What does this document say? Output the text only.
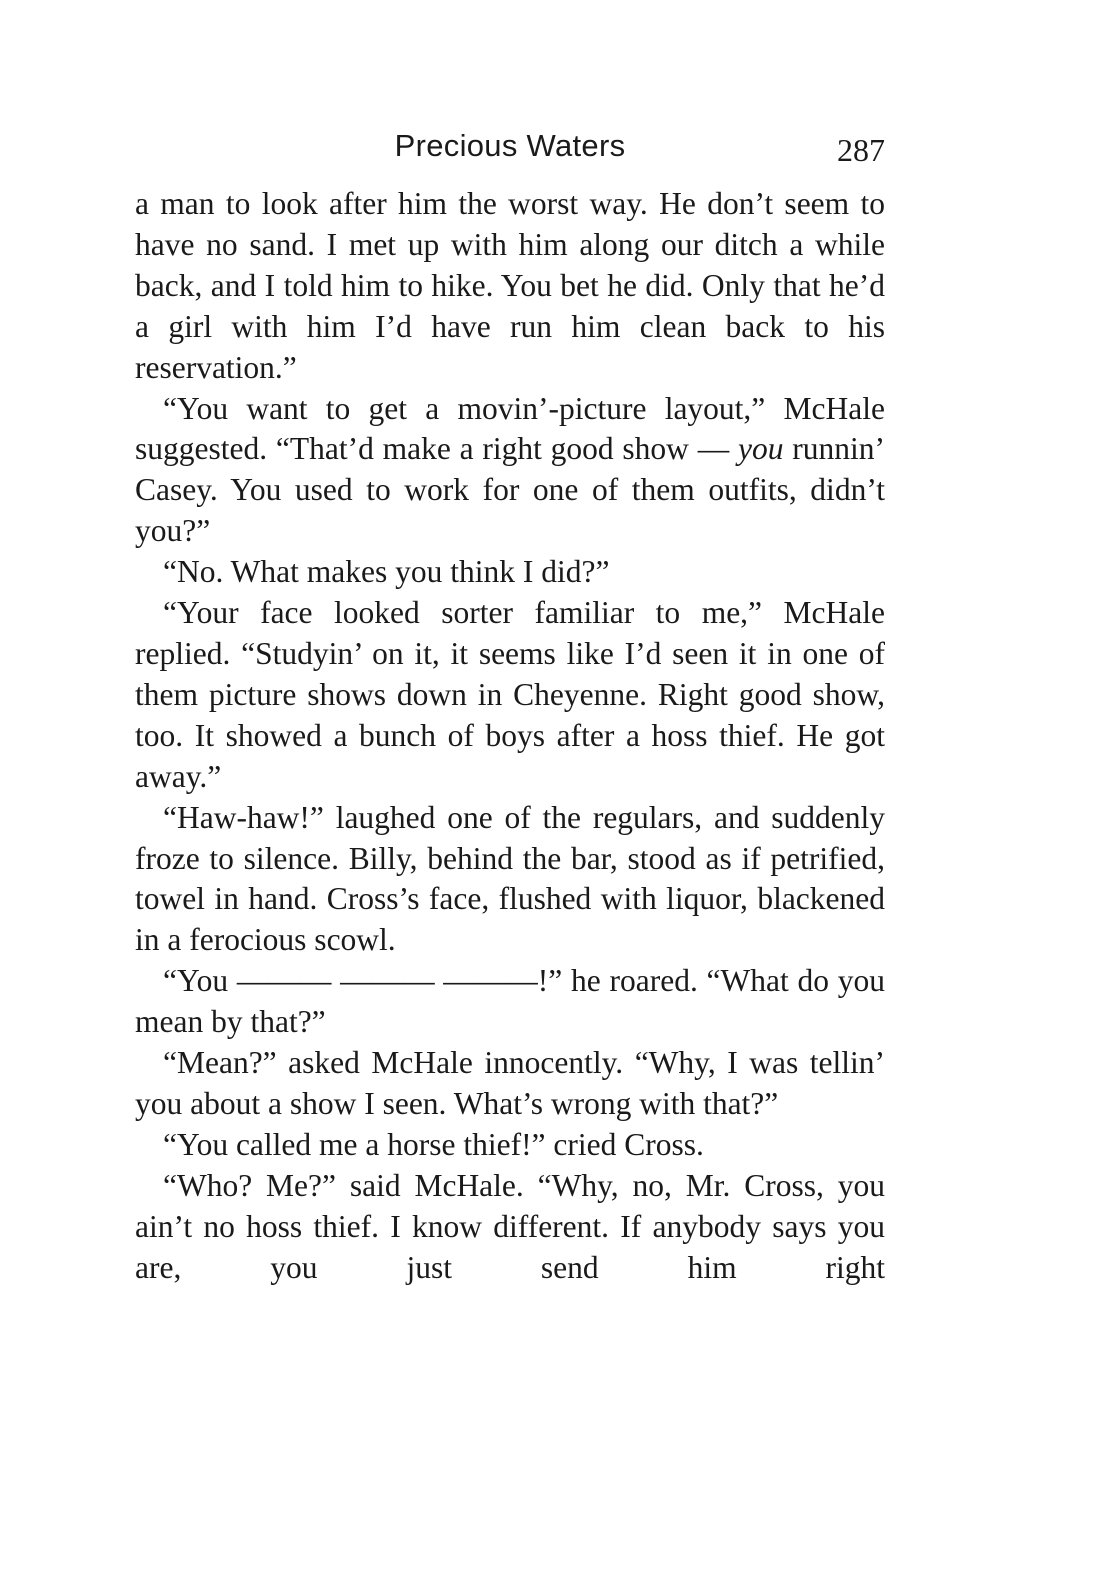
Precious Waters	287

a man to look after him the worst way. He don’t seem to have no sand. I met up with him along our ditch a while back, and I told him to hike. You bet he did. Only that he’d a girl with him I’d have run him clean back to his reservation.”

“You want to get a movin’-picture layout,” McHale suggested. “That’d make a right good show — you runnin’ Casey. You used to work for one of them outfits, didn’t you?”

“No. What makes you think I did?”

“Your face looked sorter familiar to me,” McHale replied. “Studyin’ on it, it seems like I’d seen it in one of them picture shows down in Cheyenne. Right good show, too. It showed a bunch of boys after a hoss thief. He got away.”

“Haw-haw!” laughed one of the regulars, and suddenly froze to silence. Billy, behind the bar, stood as if petrified, towel in hand. Cross’s face, flushed with liquor, blackened in a ferocious scowl.

“You ——— ——— ———!” he roared. “What do you mean by that?”

“Mean?” asked McHale innocently. “Why, I was tellin’ you about a show I seen. What’s wrong with that?”

“You called me a horse thief!” cried Cross.

“Who? Me?” said McHale. “Why, no, Mr. Cross, you ain’t no hoss thief. I know different. If anybody says you are, you just send him right
